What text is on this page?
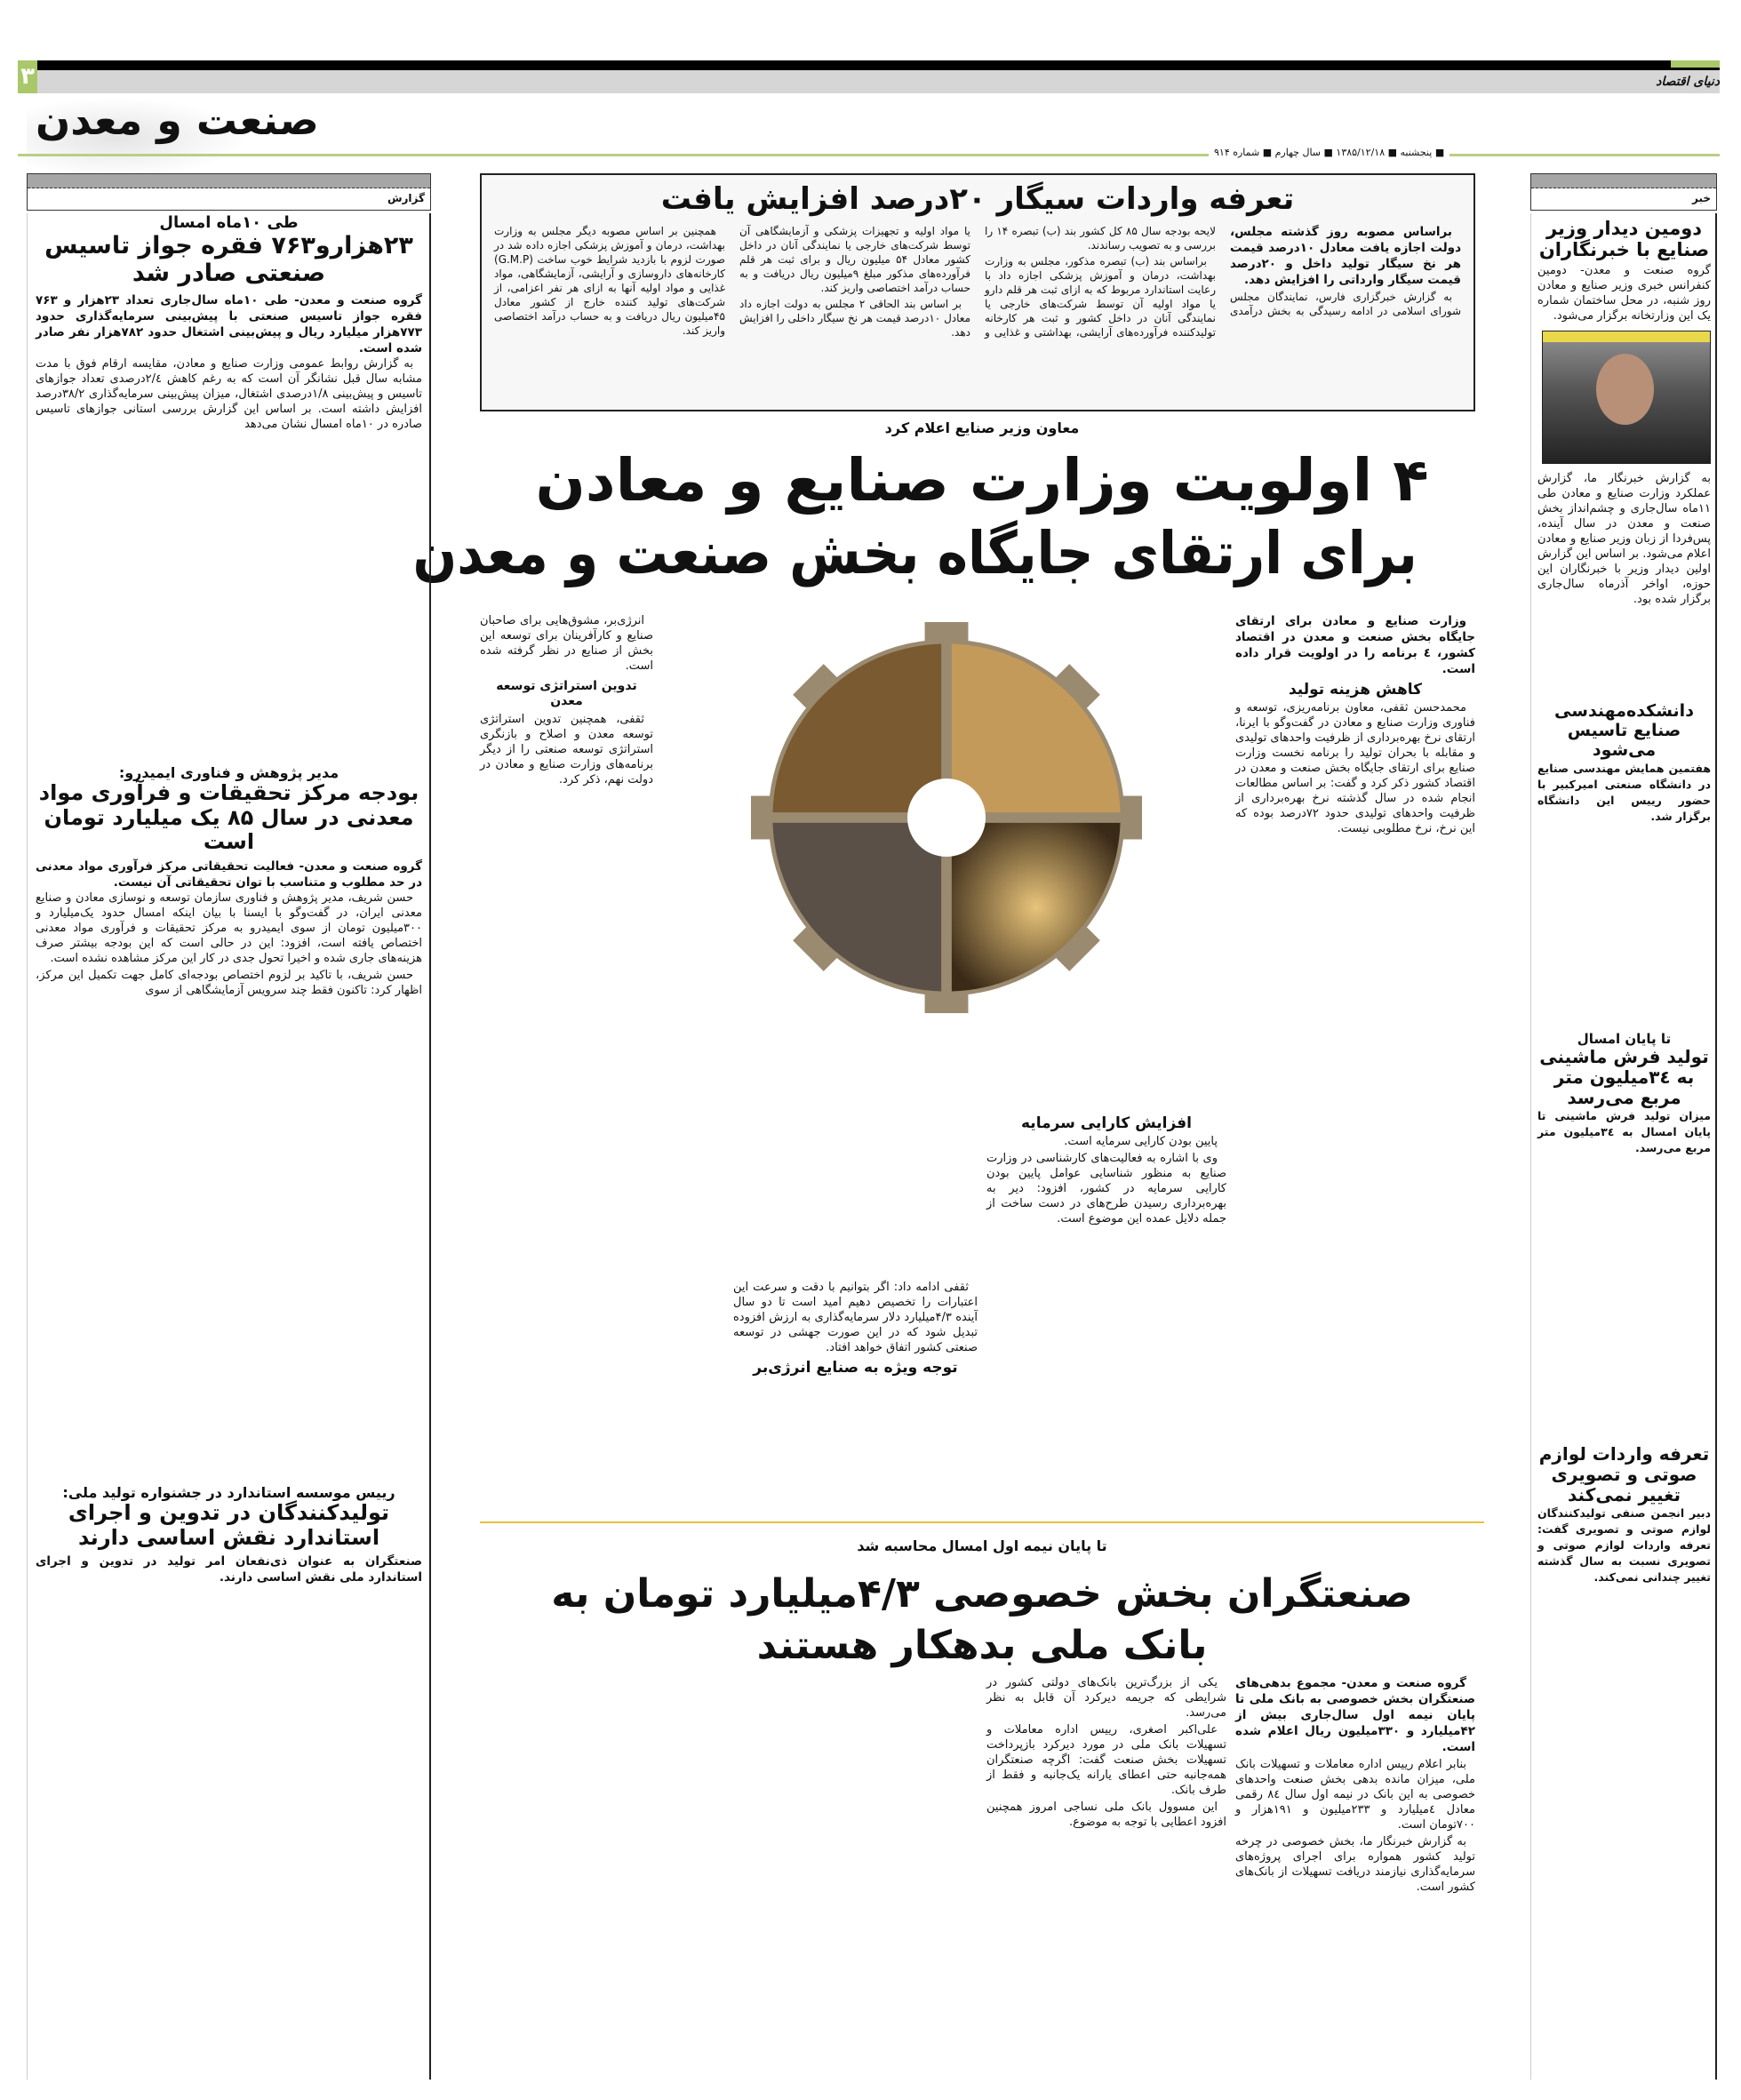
۳	دنیای اقتصاد
صنعت و معدن
■ پنجشنبه ■ ۱۳۸۵/۱۲/۱۸ ■ سال چهارم ■ شماره ۹۱۴
گزارش	خبر
تعرفه واردات سیگار ۲۰درصد افزایش یافت

براساس مصوبه روز گذشته مجلس، دولت اجازه یافت معادل ۱۰درصد قیمت هر نخ سیگار تولید داخل و ۲۰درصد قیمت سیگار وارداتی را افزایش دهد.

به گزارش خبرگزاری فارس، نمایندگان مجلس شورای اسلامی در ادامه رسیدگی به بخش درآمدی لایحه بودجه سال ۸۵ کل کشور بند (ب) تبصره ۱۴ را بررسی و به تصویب رساندند.

براساس بند (ب) تبصره مذکور، مجلس به وزارت بهداشت، درمان و آموزش پزشکی اجازه داد با رعایت استاندارد مربوط که به ازای ثبت هر قلم دارو یا مواد اولیه آن توسط شرکت‌های خارجی یا نمایندگی آنان در داخل کشور و ثبت هر کارخانه تولیدکننده فرآورده‌های آرایشی، بهداشتی و غذایی و یا مواد اولیه و تجهیزات پزشکی و آزمایشگاهی آن توسط شرکت‌های خارجی یا نمایندگی آنان در داخل کشور معادل ۵۴ میلیون ریال و برای ثبت هر قلم فرآورده‌های مذکور مبلغ ۹میلیون ریال دریافت و به حساب درآمد اختصاصی واریز کند.

بر اساس بند الحاقی ۲ مجلس به دولت اجازه داد معادل ۱۰درصد قیمت هر نخ سیگار داخلی را افزایش دهد.

همچنین بر اساس مصوبه دیگر مجلس به وزارت بهداشت، درمان و آموزش پزشکی اجازه داده شد در صورت لزوم با بازدید شرایط خوب ساخت (G.M.P) کارخانه‌های داروسازی و آرایشی، آزمایشگاهی، مواد غذایی و مواد اولیه آنها به ازای هر نفر اعزامی، از شرکت‌های تولید کننده خارج از کشور معادل ۴۵میلیون ریال دریافت و به حساب درآمد اختصاصی واریز کند.

معاون وزیر صنایع اعلام کرد
۴ اولویت وزارت صنایع و معادن
برای ارتقای جایگاه بخش صنعت و معدن

وزارت صنایع و معادن برای ارتقای جایگاه بخش صنعت و معدن در اقتصاد کشور، ٤ برنامه را در اولویت قرار داده است.

کاهش هزینه تولید

محمدحسن ثقفی، معاون برنامه‌ریزی، توسعه و فناوری وزارت صنایع و معادن در گفت‌وگو با ایرنا، ارتقای نرخ بهره‌برداری از ظرفیت واحدهای تولیدی و مقابله با بحران تولید را برنامه نخست وزارت صنایع برای ارتقای جایگاه بخش صنعت و معدن در اقتصاد کشور ذکر کرد و گفت: بر اساس مطالعات انجام شده در سال گذشته نرخ بهره‌برداری از ظرفیت واحدهای تولیدی حدود ۷۲درصد بوده که این نرخ، نرخ مطلوبی نیست.

انرژی‌بر، مشوق‌هایی برای صاحبان صنایع و کارآفرینان برای توسعه این بخش از صنایع در نظر گرفته شده است.

تدوین استراتژی توسعه معدن

ثقفی، همچنین تدوین استراتژی توسعه معدن و اصلاح و بازنگری استراتژی توسعه صنعتی را از دیگر برنامه‌های وزارت صنایع و معادن در دولت نهم، ذکر کرد.

افزایش کارایی سرمایه

پایین بودن کارایی سرمایه است.

وی با اشاره به فعالیت‌های کارشناسی در وزارت صنایع به منظور شناسایی عوامل پایین بودن کارایی سرمایه در کشور، افزود: دیر به بهره‌برداری رسیدن طرح‌های در دست ساخت از جمله دلایل عمده این موضوع است.

ثقفی ادامه داد: اگر بتوانیم با دقت و سرعت این اعتبارات را تخصیص دهیم امید است تا دو سال آینده ۴/۳میلیارد دلار سرمایه‌گذاری به ارزش افزوده تبدیل شود که در این صورت جهشی در توسعه صنعتی کشور اتفاق خواهد افتاد.

توجه ویژه به صنایع انرژی‌بر
تا پایان نیمه اول امسال محاسبه شد
صنعتگران بخش خصوصی ۴/۳میلیارد تومان به بانک ملی بدهکار هستند

گروه صنعت و معدن- مجموع بدهی‌های صنعتگران بخش خصوصی به بانک ملی تا پایان نیمه اول سال‌جاری بیش از ۴۲میلیارد و ۳۳۰میلیون ریال اعلام شده است.

بنابر اعلام رییس اداره معاملات و تسهیلات بانک ملی، میزان مانده بدهی بخش صنعت واحدهای خصوصی به این بانک در نیمه اول سال ۸٤ رقمی معادل ٤میلیارد و ۲۳۳میلیون و ۱۹۱هزار و ۷۰۰تومان است.

به گزارش خبرنگار ما، بخش خصوصی در چرخه تولید کشور همواره برای اجرای پروژه‌های سرمایه‌گذاری نیازمند دریافت تسهیلات از بانک‌های کشور است.

یکی از بزرگ‌ترین بانک‌های دولتی کشور در شرایطی که جریمه دیرکرد آن قابل به نظر می‌رسد.

علی‌اکبر اصغری، رییس اداره معاملات و تسهیلات بانک ملی در مورد دیرکرد بازپرداخت تسهیلات بخش صنعت گفت: اگرچه صنعتگران همه‌جانبه حتی اعطای یارانه یک‌جانبه و فقط از طرف بانک.

این مسوول بانک ملی نساجی امروز همچنین افزود اعطایی با توجه به موضوع.

طی ۱۰ماه امسال
۲۳هزارو۷۶۳ فقره جواز تاسیس صنعتی صادر شد

گروه صنعت و معدن- طی ۱۰ماه سال‌جاری تعداد ۲۳هزار و ۷۶۳ فقره جواز تاسیس صنعتی با پیش‌بینی سرمایه‌گذاری حدود ۷۷۳هزار میلیارد ریال و پیش‌بینی اشتغال حدود ۷۸۲هزار نفر صادر شده است.

به گزارش روابط عمومی وزارت صنایع و معادن، مقایسه ارقام فوق با مدت مشابه سال قبل نشانگر آن است که به رغم کاهش ۲/٤درصدی تعداد جوازهای تاسیس و پیش‌بینی ۱/۸درصدی اشتغال، میزان پیش‌بینی سرمایه‌گذاری ۳۸/۲درصد افزایش داشته است. بر اساس این گزارش بررسی استانی جوازهای تاسیس صادره در ۱۰ماه امسال نشان می‌دهد

مدیر پژوهش و فناوری ایمیدرو:
بودجه مرکز تحقیقات و فرآوری مواد معدنی در سال ۸۵ یک میلیارد تومان است

گروه صنعت و معدن- فعالیت تحقیقاتی مرکز فرآوری مواد معدنی در حد مطلوب و متناسب با توان تحقیقاتی آن نیست.

حسن شریف، مدیر پژوهش و فناوری سازمان توسعه و نوسازی معادن و صنایع معدنی ایران، در گفت‌وگو با ایسنا با بیان اینکه امسال حدود یک‌میلیارد و ۳۰۰میلیون تومان از سوی ایمیدرو به مرکز تحقیقات و فرآوری مواد معدنی اختصاص یافته است، افزود: این در حالی است که این بودجه بیشتر صرف هزینه‌های جاری شده و اخیرا تحول جدی در کار این مرکز مشاهده نشده است.

حسن شریف، با تاکید بر لزوم اختصاص بودجه‌ای کامل جهت تکمیل این مرکز، اظهار کرد: تاکنون فقط چند سرویس آزمایشگاهی از سوی

رییس موسسه استاندارد در جشنواره تولید ملی:
تولیدکنندگان در تدوین و اجرای استاندارد نقش اساسی دارند

صنعتگران به عنوان ذی‌نفعان امر تولید در تدوین و اجرای استاندارد ملی نقش اساسی دارند.

دومین دیدار وزیر صنایع با خبرنگاران

گروه صنعت و معدن- دومین کنفرانس خبری وزیر صنایع و معادن روز شنبه، در محل ساختمان شماره یک این وزارتخانه برگزار می‌شود.

به گزارش خبرنگار ما، گزارش عملکرد وزارت صنایع و معادن طی ۱۱ماه سال‌جاری و چشم‌انداز بخش صنعت و معدن در سال آینده، پس‌فردا از زبان وزیر صنایع و معادن اعلام می‌شود. بر اساس این گزارش اولین دیدار وزیر با خبرنگاران این حوزه، اواخر آذرماه سال‌جاری برگزار شده بود.

دانشکده‌مهندسی صنایع تاسیس می‌شود

هفتمین همایش مهندسی صنایع در دانشگاه صنعتی امیرکبیر با حضور رییس این دانشگاه برگزار شد.

تا پایان امسال
تولید فرش ماشینی به ۳٤میلیون متر مربع می‌رسد

میزان تولید فرش ماشینی تا پایان امسال به ۳٤میلیون متر مربع می‌رسد.

تعرفه واردات لوازم صوتی و تصویری تغییر نمی‌کند

دبیر انجمن صنفی تولیدکنندگان لوازم صوتی و تصویری گفت: تعرفه واردات لوازم صوتی و تصویری نسبت به سال گذشته تغییر چندانی نمی‌کند.
